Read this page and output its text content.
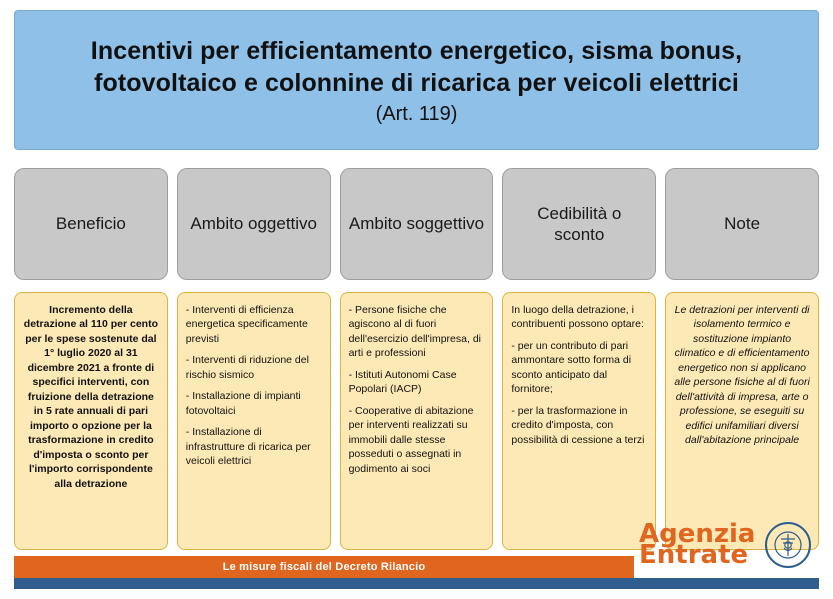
Incentivi per efficientamento energetico, sisma bonus, fotovoltaico e colonnine di ricarica per veicoli elettrici
(Art. 119)
Beneficio	Ambito oggettivo	Ambito soggettivo
Cedibilità o sconto
Note

Incremento della detrazione al 110 per cento per le spese sostenute dal 1° luglio 2020 al 31 dicembre 2021 a fronte di specifici interventi, con fruizione della detrazione in 5 rate annuali di pari importo o opzione per la trasformazione in credito d'imposta o sconto per l'importo corrispondente alla detrazione

- Interventi di efficienza energetica specificamente previsti

- Interventi di riduzione del rischio sismico

- Installazione di impianti fotovoltaici

- Installazione di infrastrutture di ricarica per veicoli elettrici

- Persone fisiche che agiscono al di fuori dell'esercizio dell'impresa, di arti e professioni

- Istituti Autonomi Case Popolari (IACP)

- Cooperative di abitazione per interventi realizzati su immobili dalle stesse posseduti o assegnati in godimento ai soci

In luogo della detrazione, i contribuenti possono optare:

- per un contributo di pari ammontare sotto forma di sconto anticipato dal fornitore;

- per la trasformazione in credito d'imposta, con possibilità di cessione a terzi

Le detrazioni per interventi di isolamento termico e sostituzione impianto climatico e di efficientamento energetico non si applicano alle persone fisiche al di fuori dell'attività di impresa, arte o professione, se eseguiti su edifici unifamiliari diversi dall'abitazione principale

Le misure fiscali del Decreto Rilancio
Agenzia
Entrate
